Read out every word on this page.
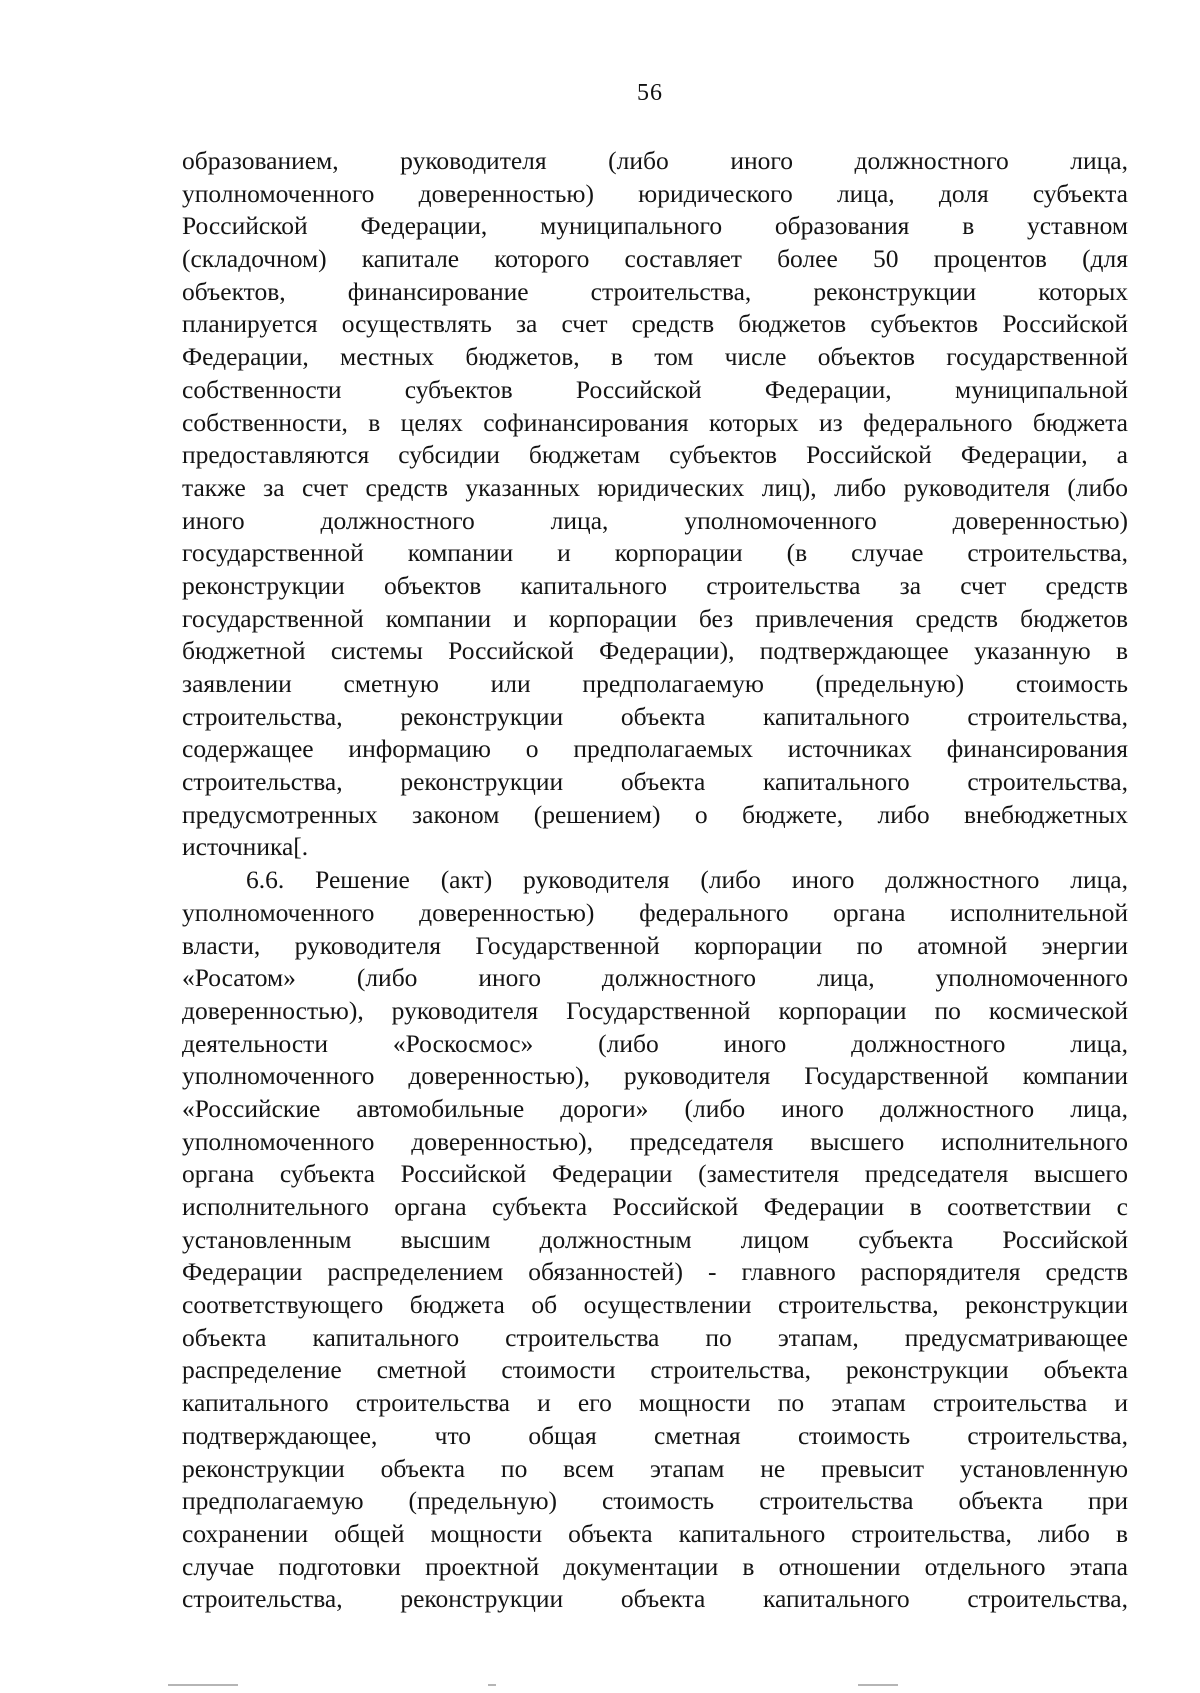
56
образованием, руководителя (либо иного должностного лица,
уполномоченного доверенностью) юридического лица, доля субъекта
Российской Федерации, муниципального образования в уставном
(складочном) капитале которого составляет более 50 процентов (для
объектов, финансирование строительства, реконструкции которых
планируется осуществлять за счет средств бюджетов субъектов Российской
Федерации, местных бюджетов, в том числе объектов государственной
собственности субъектов Российской Федерации, муниципальной
собственности, в целях софинансирования которых из федерального бюджета
предоставляются субсидии бюджетам субъектов Российской Федерации, а
также за счет средств указанных юридических лиц), либо руководителя (либо
иного должностного лица, уполномоченного доверенностью)
государственной компании и корпорации (в случае строительства,
реконструкции объектов капитального строительства за счет средств
государственной компании и корпорации без привлечения средств бюджетов
бюджетной системы Российской Федерации), подтверждающее указанную в
заявлении сметную или предполагаемую (предельную) стоимость
строительства, реконструкции объекта капитального строительства,
содержащее информацию о предполагаемых источниках финансирования
строительства, реконструкции объекта капитального строительства,
предусмотренных законом (решением) о бюджете, либо внебюджетных
источника[.
6.6. Решение (акт) руководителя (либо иного должностного лица,
уполномоченного доверенностью) федерального органа исполнительной
власти, руководителя Государственной корпорации по атомной энергии
«Росатом» (либо иного должностного лица, уполномоченного
доверенностью), руководителя Государственной корпорации по космической
деятельности «Роскосмос» (либо иного должностного лица,
уполномоченного доверенностью), руководителя Государственной компании
«Российские автомобильные дороги» (либо иного должностного лица,
уполномоченного доверенностью), председателя высшего исполнительного
органа субъекта Российской Федерации (заместителя председателя высшего
исполнительного органа субъекта Российской Федерации в соответствии с
установленным высшим должностным лицом субъекта Российской
Федерации распределением обязанностей) - главного распорядителя средств
соответствующего бюджета об осуществлении строительства, реконструкции
объекта капитального строительства по этапам, предусматривающее
распределение сметной стоимости строительства, реконструкции объекта
капитального строительства и его мощности по этапам строительства и
подтверждающее, что общая сметная стоимость строительства,
реконструкции объекта по всем этапам не превысит установленную
предполагаемую (предельную) стоимость строительства объекта при
сохранении общей мощности объекта капитального строительства, либо в
случае подготовки проектной документации в отношении отдельного этапа
строительства, реконструкции объекта капитального строительства,
